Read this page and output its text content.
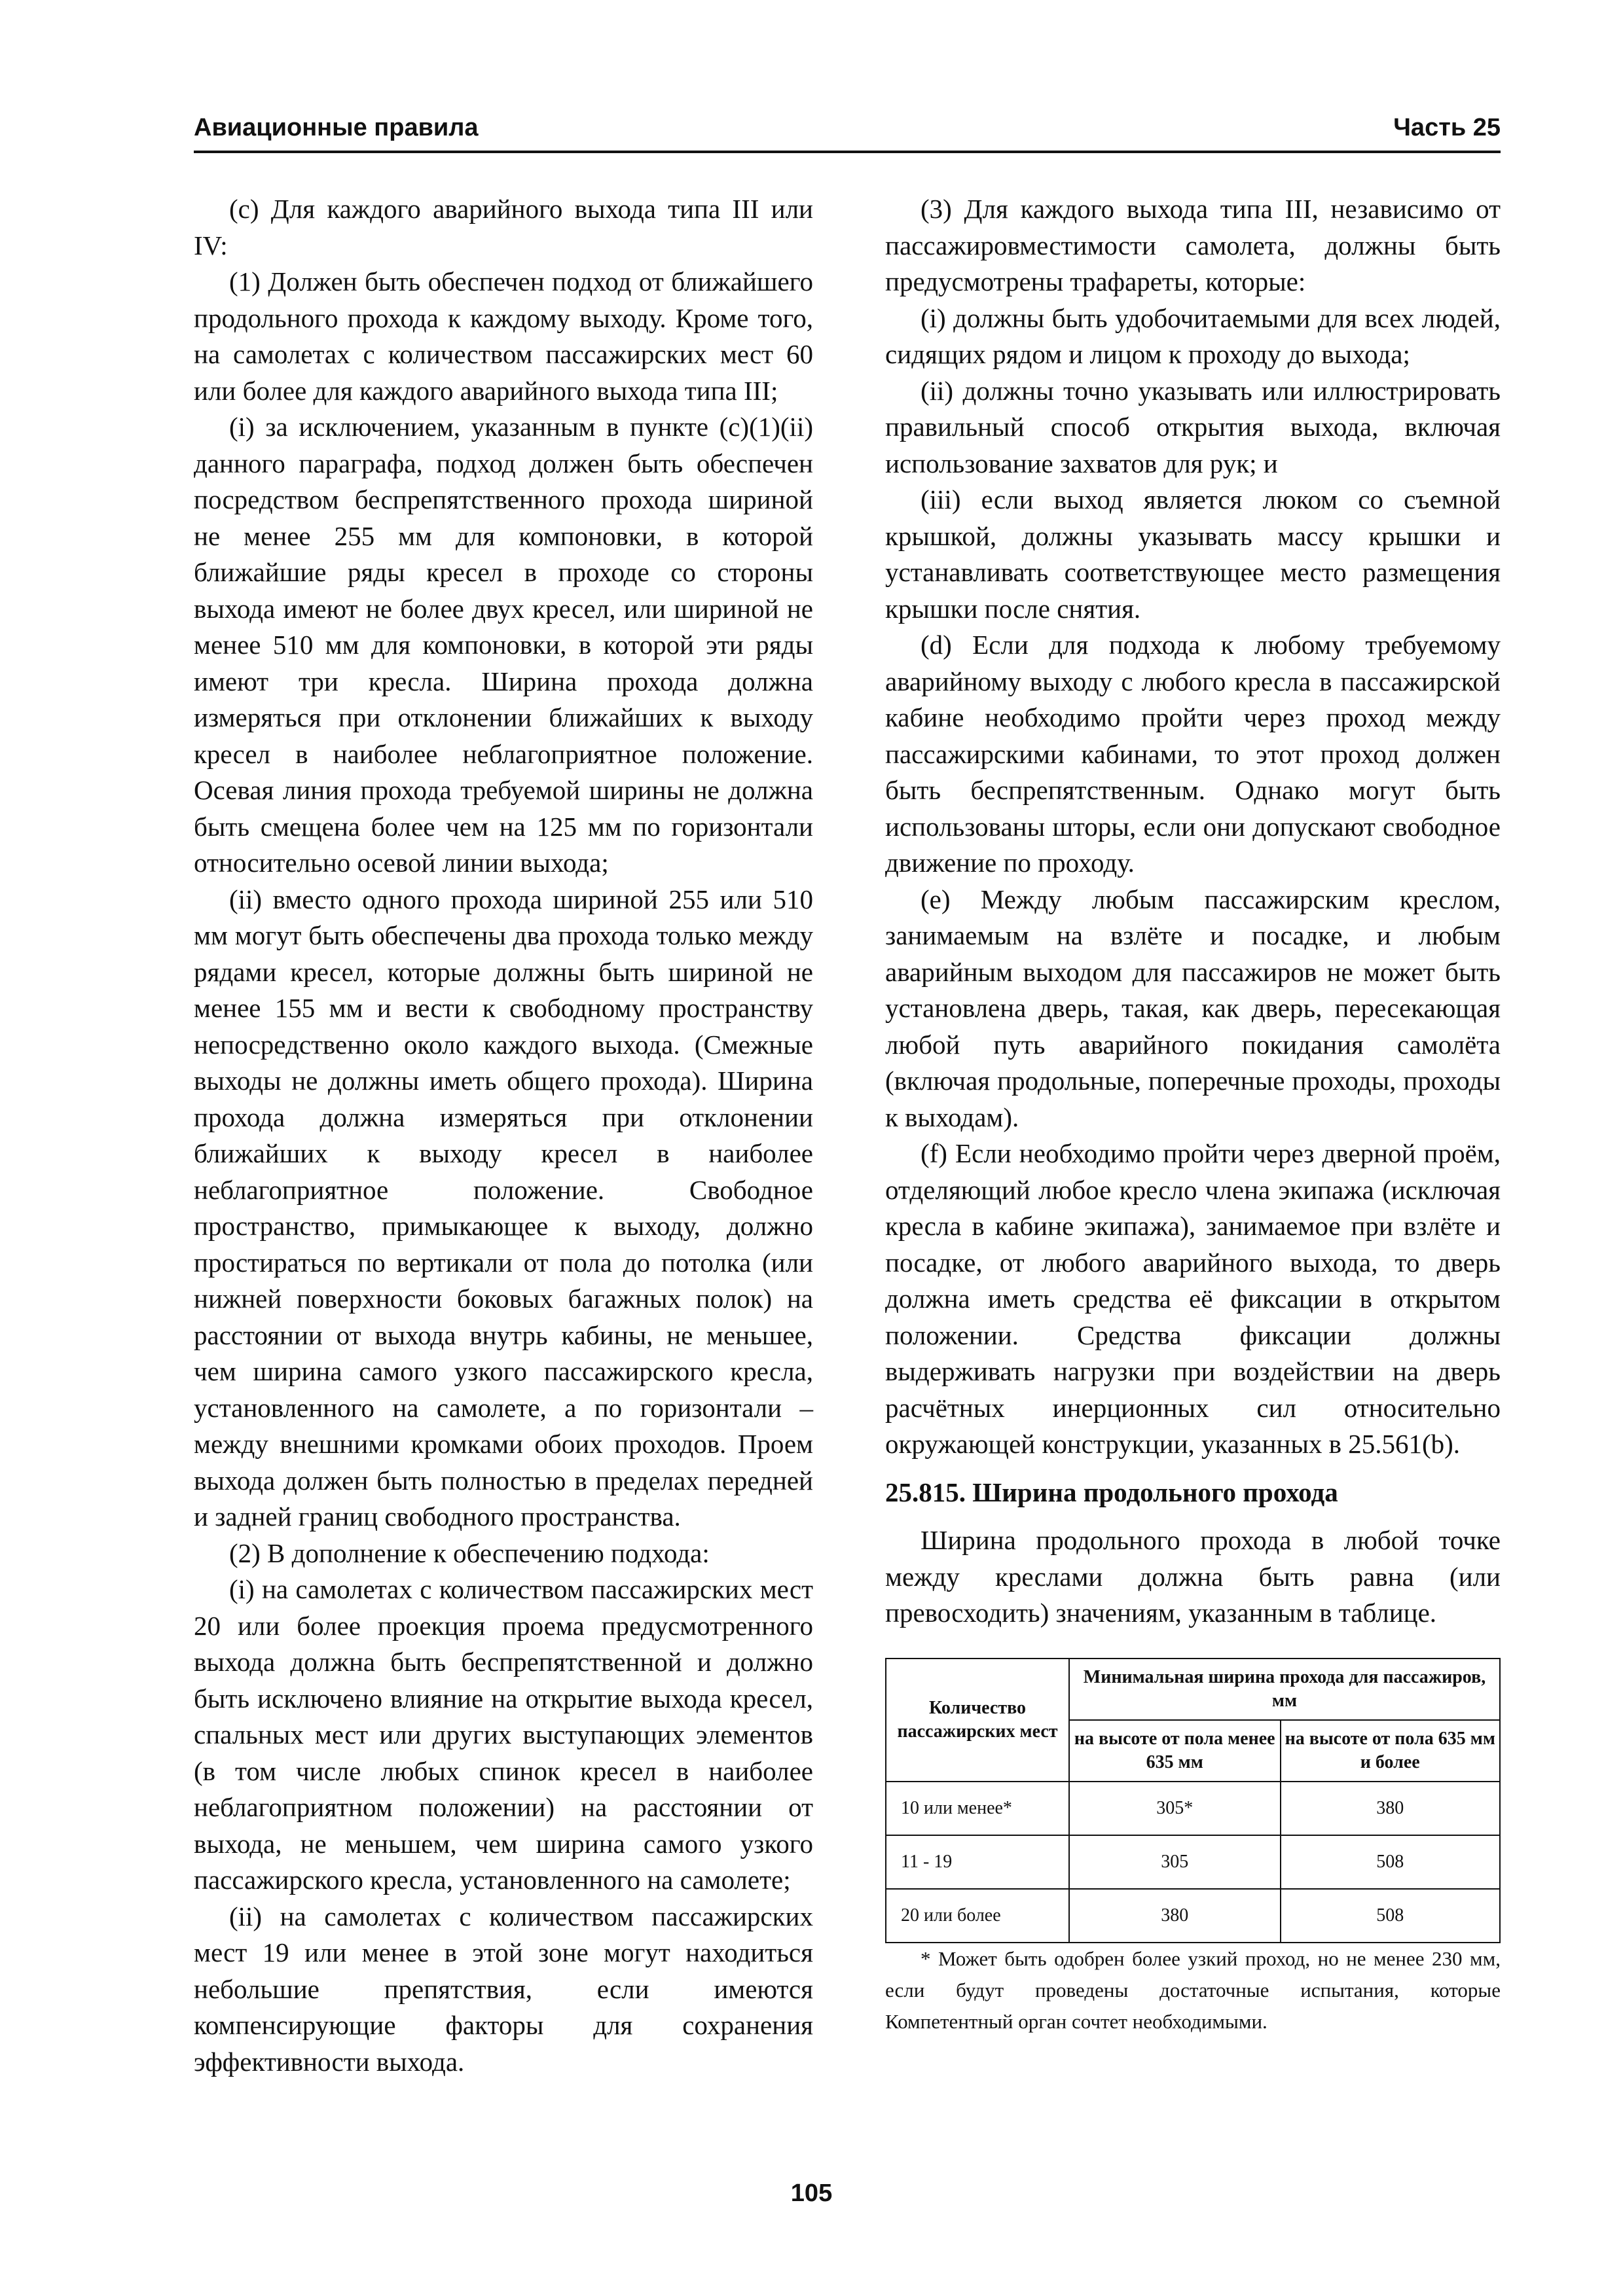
Авиационные правила	Часть 25

(c) Для каждого аварийного выхода типа III или IV:

(1) Должен быть обеспечен подход от ближайшего продольного прохода к каждому выходу. Кроме того, на самолетах с количеством пассажирских мест 60 или более для каждого аварийного выхода типа III;

(i) за исключением, указанным в пункте (c)(1)(ii) данного параграфа, подход должен быть обеспечен посредством беспрепятственного прохода шириной не менее 255 мм для компоновки, в которой ближайшие ряды кресел в проходе со стороны выхода имеют не более двух кресел, или шириной не менее 510 мм для компоновки, в которой эти ряды имеют три кресла. Ширина прохода должна измеряться при отклонении ближайших к выходу кресел в наиболее неблагоприятное положение. Осевая линия прохода требуемой ширины не должна быть смещена более чем на 125 мм по горизонтали относительно осевой линии выхода;

(ii) вместо одного прохода шириной 255 или 510 мм могут быть обеспечены два прохода только между рядами кресел, которые должны быть шириной не менее 155 мм и вести к свободному пространству непосредственно около каждого выхода. (Смежные выходы не должны иметь общего прохода). Ширина прохода должна измеряться при отклонении ближайших к выходу кресел в наиболее неблагоприятное положение. Свободное пространство, примыкающее к выходу, должно простираться по вертикали от пола до потолка (или нижней поверхности боковых багажных полок) на расстоянии от выхода внутрь кабины, не меньшее, чем ширина самого узкого пассажирского кресла, установленного на самолете, а по горизонтали – между внешними кромками обоих проходов. Проем выхода должен быть полностью в пределах передней и задней границ свободного пространства.

(2) В дополнение к обеспечению подхода:

(i) на самолетах с количеством пассажирских мест 20 или более проекция проема предусмотренного выхода должна быть беспрепятственной и должно быть исключено влияние на открытие выхода кресел, спальных мест или других выступающих элементов (в том числе любых спинок кресел в наиболее неблагоприятном положении) на расстоянии от выхода, не меньшем, чем ширина самого узкого пассажирского кресла, установленного на самолете;

(ii) на самолетах с количеством пассажирских мест 19 или менее в этой зоне могут находиться небольшие препятствия, если имеются компенсирующие факторы для сохранения эффективности выхода.

(3) Для каждого выхода типа III, независимо от пассажировместимости самолета, должны быть предусмотрены трафареты, которые:

(i) должны быть удобочитаемыми для всех людей, сидящих рядом и лицом к проходу до выхода;

(ii) должны точно указывать или иллюстрировать правильный способ открытия выхода, включая использование захватов для рук; и

(iii) если выход является люком со съемной крышкой, должны указывать массу крышки и устанавливать соответствующее место размещения крышки после снятия.

(d) Если для подхода к любому требуемому аварийному выходу с любого кресла в пассажирской кабине необходимо пройти через проход между пассажирскими кабинами, то этот проход должен быть беспрепятственным. Однако могут быть использованы шторы, если они допускают свободное движение по проходу.

(e) Между любым пассажирским креслом, занимаемым на взлёте и посадке, и любым аварийным выходом для пассажиров не может быть установлена дверь, такая, как дверь, пересекающая любой путь аварийного покидания самолёта (включая продольные, поперечные проходы, проходы к выходам).

(f) Если необходимо пройти через дверной проём, отделяющий любое кресло члена экипажа (исключая кресла в кабине экипажа), занимаемое при взлёте и посадке, от любого аварийного выхода, то дверь должна иметь средства её фиксации в открытом положении. Средства фиксации должны выдерживать нагрузки при воздействии на дверь расчётных инерционных сил относительно окружающей конструкции, указанных в 25.561(b).

25.815. Ширина продольного прохода

Ширина продольного прохода в любой точке между креслами должна быть равна (или превосходить) значениям, указанным в таблице.

Количество пассажирских мест	Минимальная ширина прохода для пассажиров, мм	
	на высоте от пола менее 635 мм	на высоте от пола 635 мм и более
10 или менее*	305*	380
11 - 19	305	508
20 или более	380	508

* Может быть одобрен более узкий проход, но не менее 230 мм, если будут проведены достаточные испытания, которые Компетентный орган сочтет необходимыми.

105
